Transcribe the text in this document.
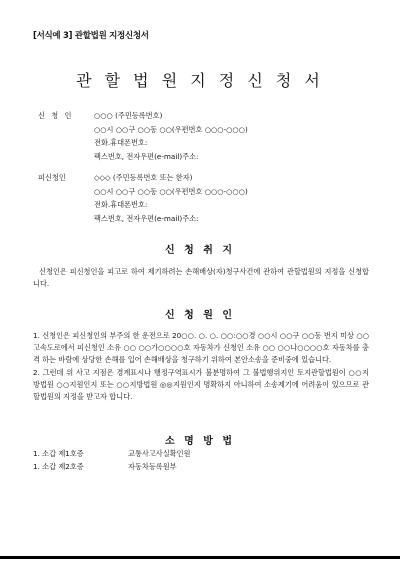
[서식예 3] 관할법원 지정신청서
관 할 법 원 지 정 신 청 서
신 청 인	○○○ (주민등록번호)
○○시 ○○구 ○○동 ○○(우편번호 ○○○-○○○)
전화.휴대폰번호:
팩스번호, 전자우편(e-mail)주소:
피신청인	◇◇◇ (주민등록번호 또는 한자)
○○시 ○○구 ○○동 ○○(우편번호 ○○○-○○○)
전화.휴대폰번호:
팩스번호, 전자우편(e-mail)주소:
신 청 취 지

신청인은 피신청인을 피고로 하여 제기하려는 손해배상(자)청구사건에 관하여 관할법원의 지정을 신청합니다.

신 청 원 인

1. 신청인은 피신청인의 부주의 한 운전으로 20○○. ○. ○. ○○:○○경 ○○시 ○○구 ○○동 번지 미상 ○○고속도로에서 피신청인 소유 ○○ ○○가○○○○호 자동차가 신청인 소유 ○○ ○○나○○○○호 자동차를 충격 하는 바람에 상당한 손해를 입어 손해배상을 청구하기 위하여 본안소송을 준비중에 있습니다.

2. 그런데 위 사고 지점은 경계표시나 행정구역표시가 불분명하여 그 불법행위지인 토지관할법원이 ○○지방법원 ○○지원인지 또는 ○○지방법원 ◎◎지원인지 명확하지 아니하여 소송제기에 어려움이 있으므로 관할법원의 지정을 받고자 합니다.

소 명 방 법
1. 소갑 제1호증	교통사고사실확인원
1. 소갑 제2호증	자동차등록원부
